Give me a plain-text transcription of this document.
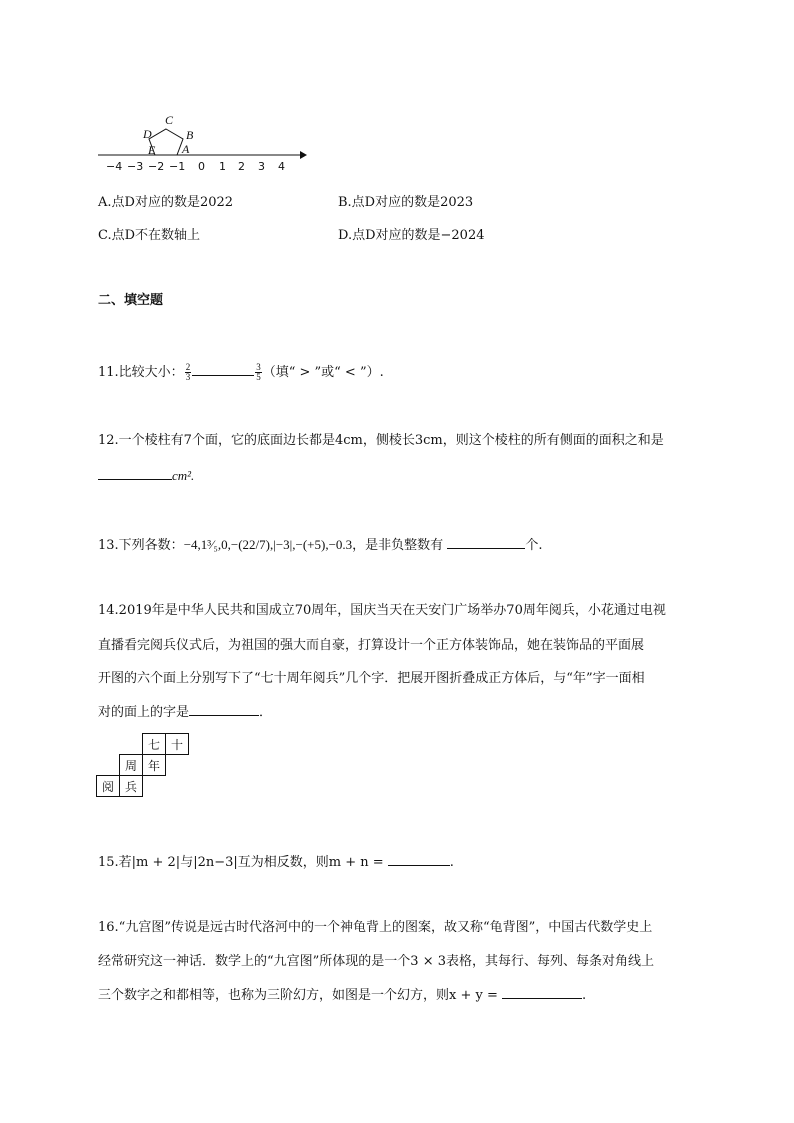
−4 −3 −2 −1 0 1 2 3 4
C
D	B
E A
A.点D对应的数是2022	B.点D对应的数是2023
C.点D不在数轴上	D.点D对应的数是−2024
二、填空题
11.比较大小： $\frac{2}{3}$	$\frac{3}{5}$ （填“ > ”或“ < ”）.
12.一个棱柱有7个面，它的底面边长都是4cm，侧棱长3cm，则这个棱柱的所有侧面的面积之和是
cm².
13.下列各数：−4,1³⁄₅,0,−(22/7),|−3|,−(+5),−0.3，是非负整数有	个.
14.2019年是中华人民共和国成立70周年，国庆当天在天安门广场举办70周年阅兵，小花通过电视
直播看完阅兵仪式后，为祖国的强大而自豪，打算设计一个正方体装饰品，她在装饰品的平面展
开图的六个面上分别写下了“七十周年阅兵”几个字．把展开图折叠成正方体后，与“年”字一面相
对的面上的字是	．
		七	十
	周	年	
阅	兵		
15.若|m + 2|与|2n−3|互为相反数，则m + n =	.
16.“九宫图”传说是远古时代洛河中的一个神龟背上的图案，故又称“龟背图”，中国古代数学史上
经常研究这一神话．数学上的“九宫图”所体现的是一个3 × 3表格，其每行、每列、每条对角线上
三个数字之和都相等，也称为三阶幻方，如图是一个幻方，则x + y =	.
